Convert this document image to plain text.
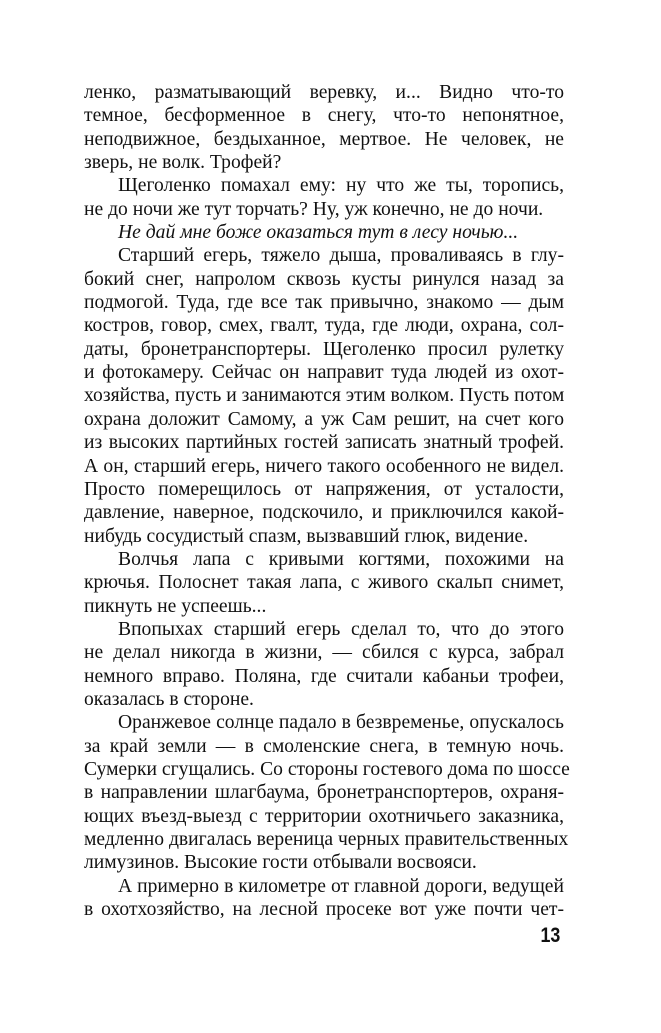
ленко, разматывающий веревку, и... Видно что-то
темное, бесформенное в снегу, что-то непонятное,
неподвижное, бездыханное, мертвое. Не человек, не
зверь, не волк. Трофей?
Щеголенко помахал ему: ну что же ты, торопись,
не до ночи же тут торчать? Ну, уж конечно, не до ночи.
Не дай мне боже оказаться тут в лесу ночью...
Старший егерь, тяжело дыша, проваливаясь в глу-
бокий снег, напролом сквозь кусты ринулся назад за
подмогой. Туда, где все так привычно, знакомо — дым
костров, говор, смех, гвалт, туда, где люди, охрана, сол-
даты, бронетранспортеры. Щеголенко просил рулетку
и фотокамеру. Сейчас он направит туда людей из охот-
хозяйства, пусть и занимаются этим волком. Пусть потом
охрана доложит Самому, а уж Сам решит, на счет кого
из высоких партийных гостей записать знатный трофей.
А он, старший егерь, ничего такого особенного не видел.
Просто померещилось от напряжения, от усталости,
давление, наверное, подскочило, и приключился какой-
нибудь сосудистый спазм, вызвавший глюк, видение.
Волчья лапа с кривыми когтями, похожими на
крючья. Полоснет такая лапа, с живого скальп снимет,
пикнуть не успеешь...
Впопыхах старший егерь сделал то, что до этого
не делал никогда в жизни, — сбился с курса, забрал
немного вправо. Поляна, где считали кабаньи трофеи,
оказалась в стороне.
Оранжевое солнце падало в безвременье, опускалось
за край земли — в смоленские снега, в темную ночь.
Сумерки сгущались. Со стороны гостевого дома по шоссе
в направлении шлагбаума, бронетранспортеров, охраня-
ющих въезд-выезд с территории охотничьего заказника,
медленно двигалась вереница черных правительственных
лимузинов. Высокие гости отбывали восвояси.
А примерно в километре от главной дороги, ведущей
в охотхозяйство, на лесной просеке вот уже почти чет-
13
